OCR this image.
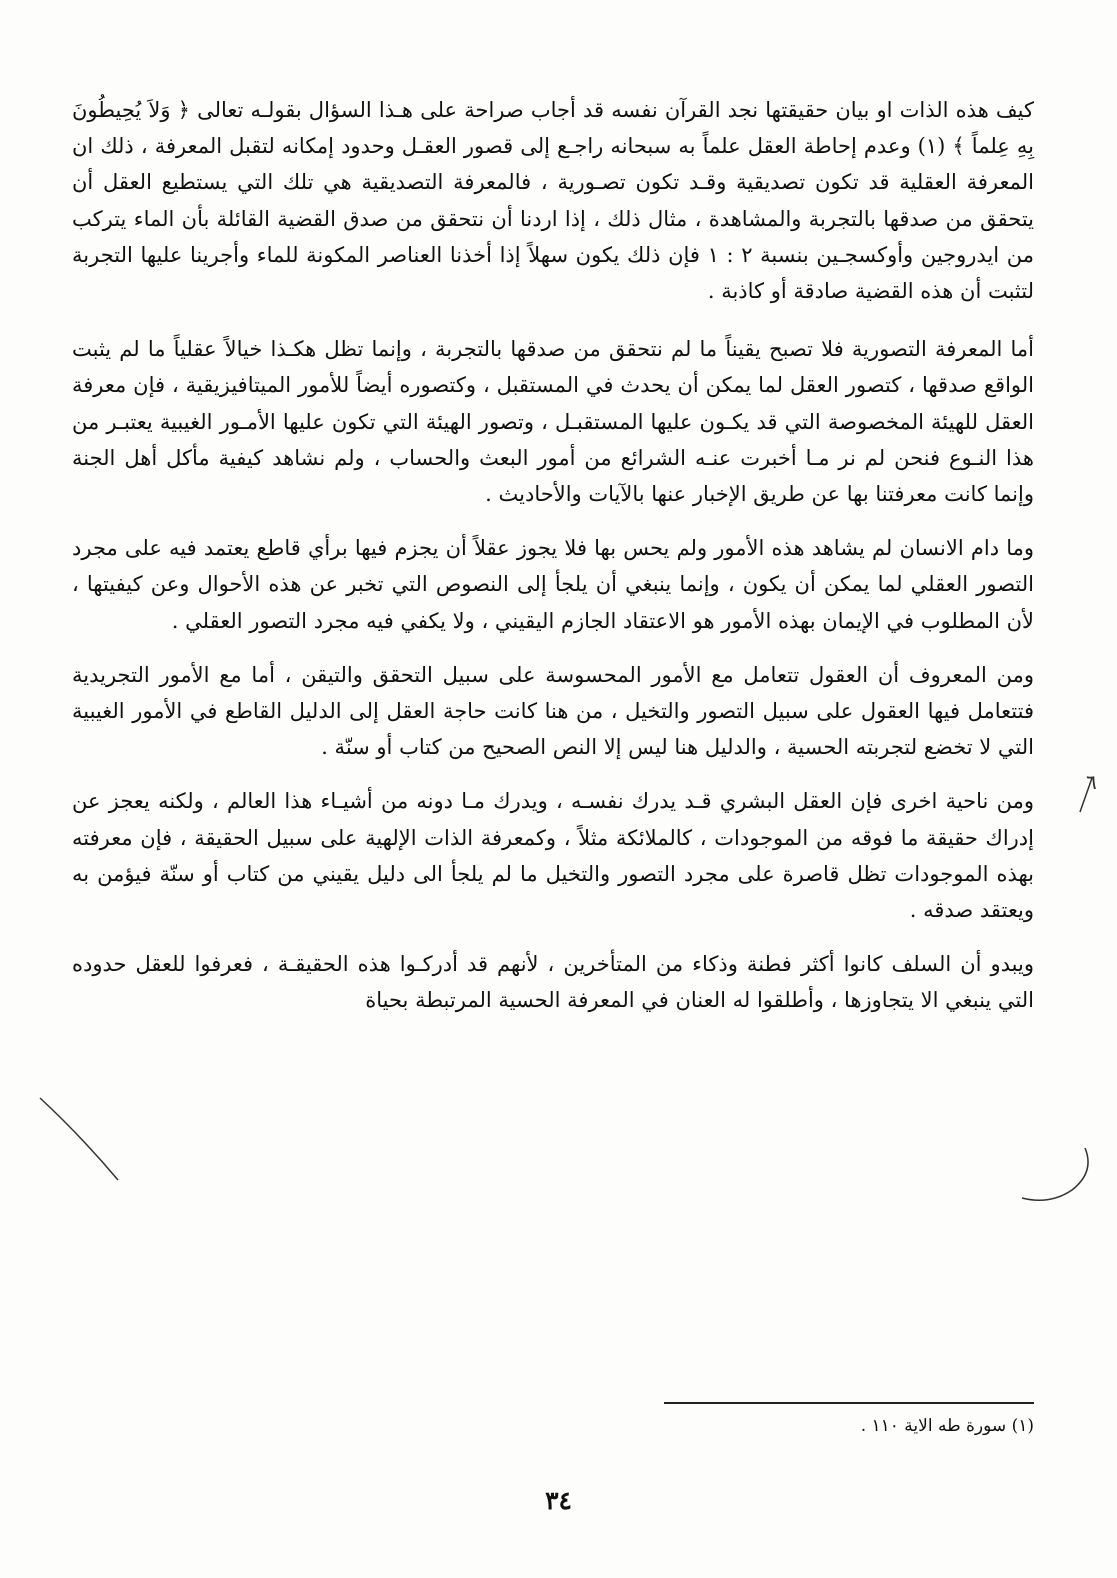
كيف هذه الذات او بيان حقيقتها نجد القرآن نفسه قد أجاب صراحة على هـذا السؤال بقولـه تعالى ﴿ وَلاَ يُحِيطُونَ بِهِ عِلماً ﴾ (١) وعدم إحاطة العقل علماً به سبحانه راجـع إلى قصور العقـل وحدود إمكانه لتقبل المعرفة ، ذلك ان المعرفة العقلية قد تكون تصديقية وقـد تكون تصـورية ، فالمعرفة التصديقية هي تلك التي يستطيع العقل أن يتحقق من صدقها بالتجربة والمشاهدة ، مثال ذلك ، إذا اردنا أن نتحقق من صدق القضية القائلة بأن الماء يتركب من ايدروجين وأوكسجـين بنسبة ٢ : ١ فإن ذلك يكون سهلاً إذا أخذنا العناصر المكونة للماء وأجرينا عليها التجربة لتثبت أن هذه القضية صادقة أو كاذبة .

أما المعرفة التصورية فلا تصبح يقيناً ما لم نتحقق من صدقها بالتجربة ، وإنما تظل هكـذا خيالاً عقلياً ما لم يثبت الواقع صدقها ، كتصور العقل لما يمكن أن يحدث في المستقبل ، وكتصوره أيضاً للأمور الميتافيزيقية ، فإن معرفة العقل للهيئة المخصوصة التي قد يكـون عليها المستقبـل ، وتصور الهيئة التي تكون عليها الأمـور الغيبية يعتبـر من هذا النـوع فنحن لم نر مـا أخبرت عنـه الشرائع من أمور البعث والحساب ، ولم نشاهد كيفية مأكل أهل الجنة وإنما كانت معرفتنا بها عن طريق الإخبار عنها بالآيات والأحاديث .

وما دام الانسان لم يشاهد هذه الأمور ولم يحس بها فلا يجوز عقلاً أن يجزم فيها برأي قاطع يعتمد فيه على مجرد التصور العقلي لما يمكن أن يكون ، وإنما ينبغي أن يلجأ إلى النصوص التي تخبر عن هذه الأحوال وعن كيفيتها ، لأن المطلوب في الإيمان بهذه الأمور هو الاعتقاد الجازم اليقيني ، ولا يكفي فيه مجرد التصور العقلي .

ومن المعروف أن العقول تتعامل مع الأمور المحسوسة على سبيل التحقق والتيقن ، أما مع الأمور التجريدية فتتعامل فيها العقول على سبيل التصور والتخيل ، من هنا كانت حاجة العقل إلى الدليل القاطع في الأمور الغيبية التي لا تخضع لتجربته الحسية ، والدليل هنا ليس إلا النص الصحيح من كتاب أو سنّة .

ومن ناحية اخرى فإن العقل البشري قـد يدرك نفسـه ، ويدرك مـا دونه من أشيـاء هذا العالم ، ولكنه يعجز عن إدراك حقيقة ما فوقه من الموجودات ، كالملائكة مثلاً ، وكمعرفة الذات الإلهية على سبيل الحقيقة ، فإن معرفته بهذه الموجودات تظل قاصرة على مجرد التصور والتخيل ما لم يلجأ الى دليل يقيني من كتاب أو سنّة فيؤمن به ويعتقد صدقه .

ويبدو أن السلف كانوا أكثر فطنة وذكاء من المتأخرين ، لأنهم قد أدركـوا هذه الحقيقـة ، فعرفوا للعقل حدوده التي ينبغي الا يتجاوزها ، وأطلقوا له العنان في المعرفة الحسية المرتبطة بحياة

(١) سورة طه الاية ١١٠ .
٣٤
٦
